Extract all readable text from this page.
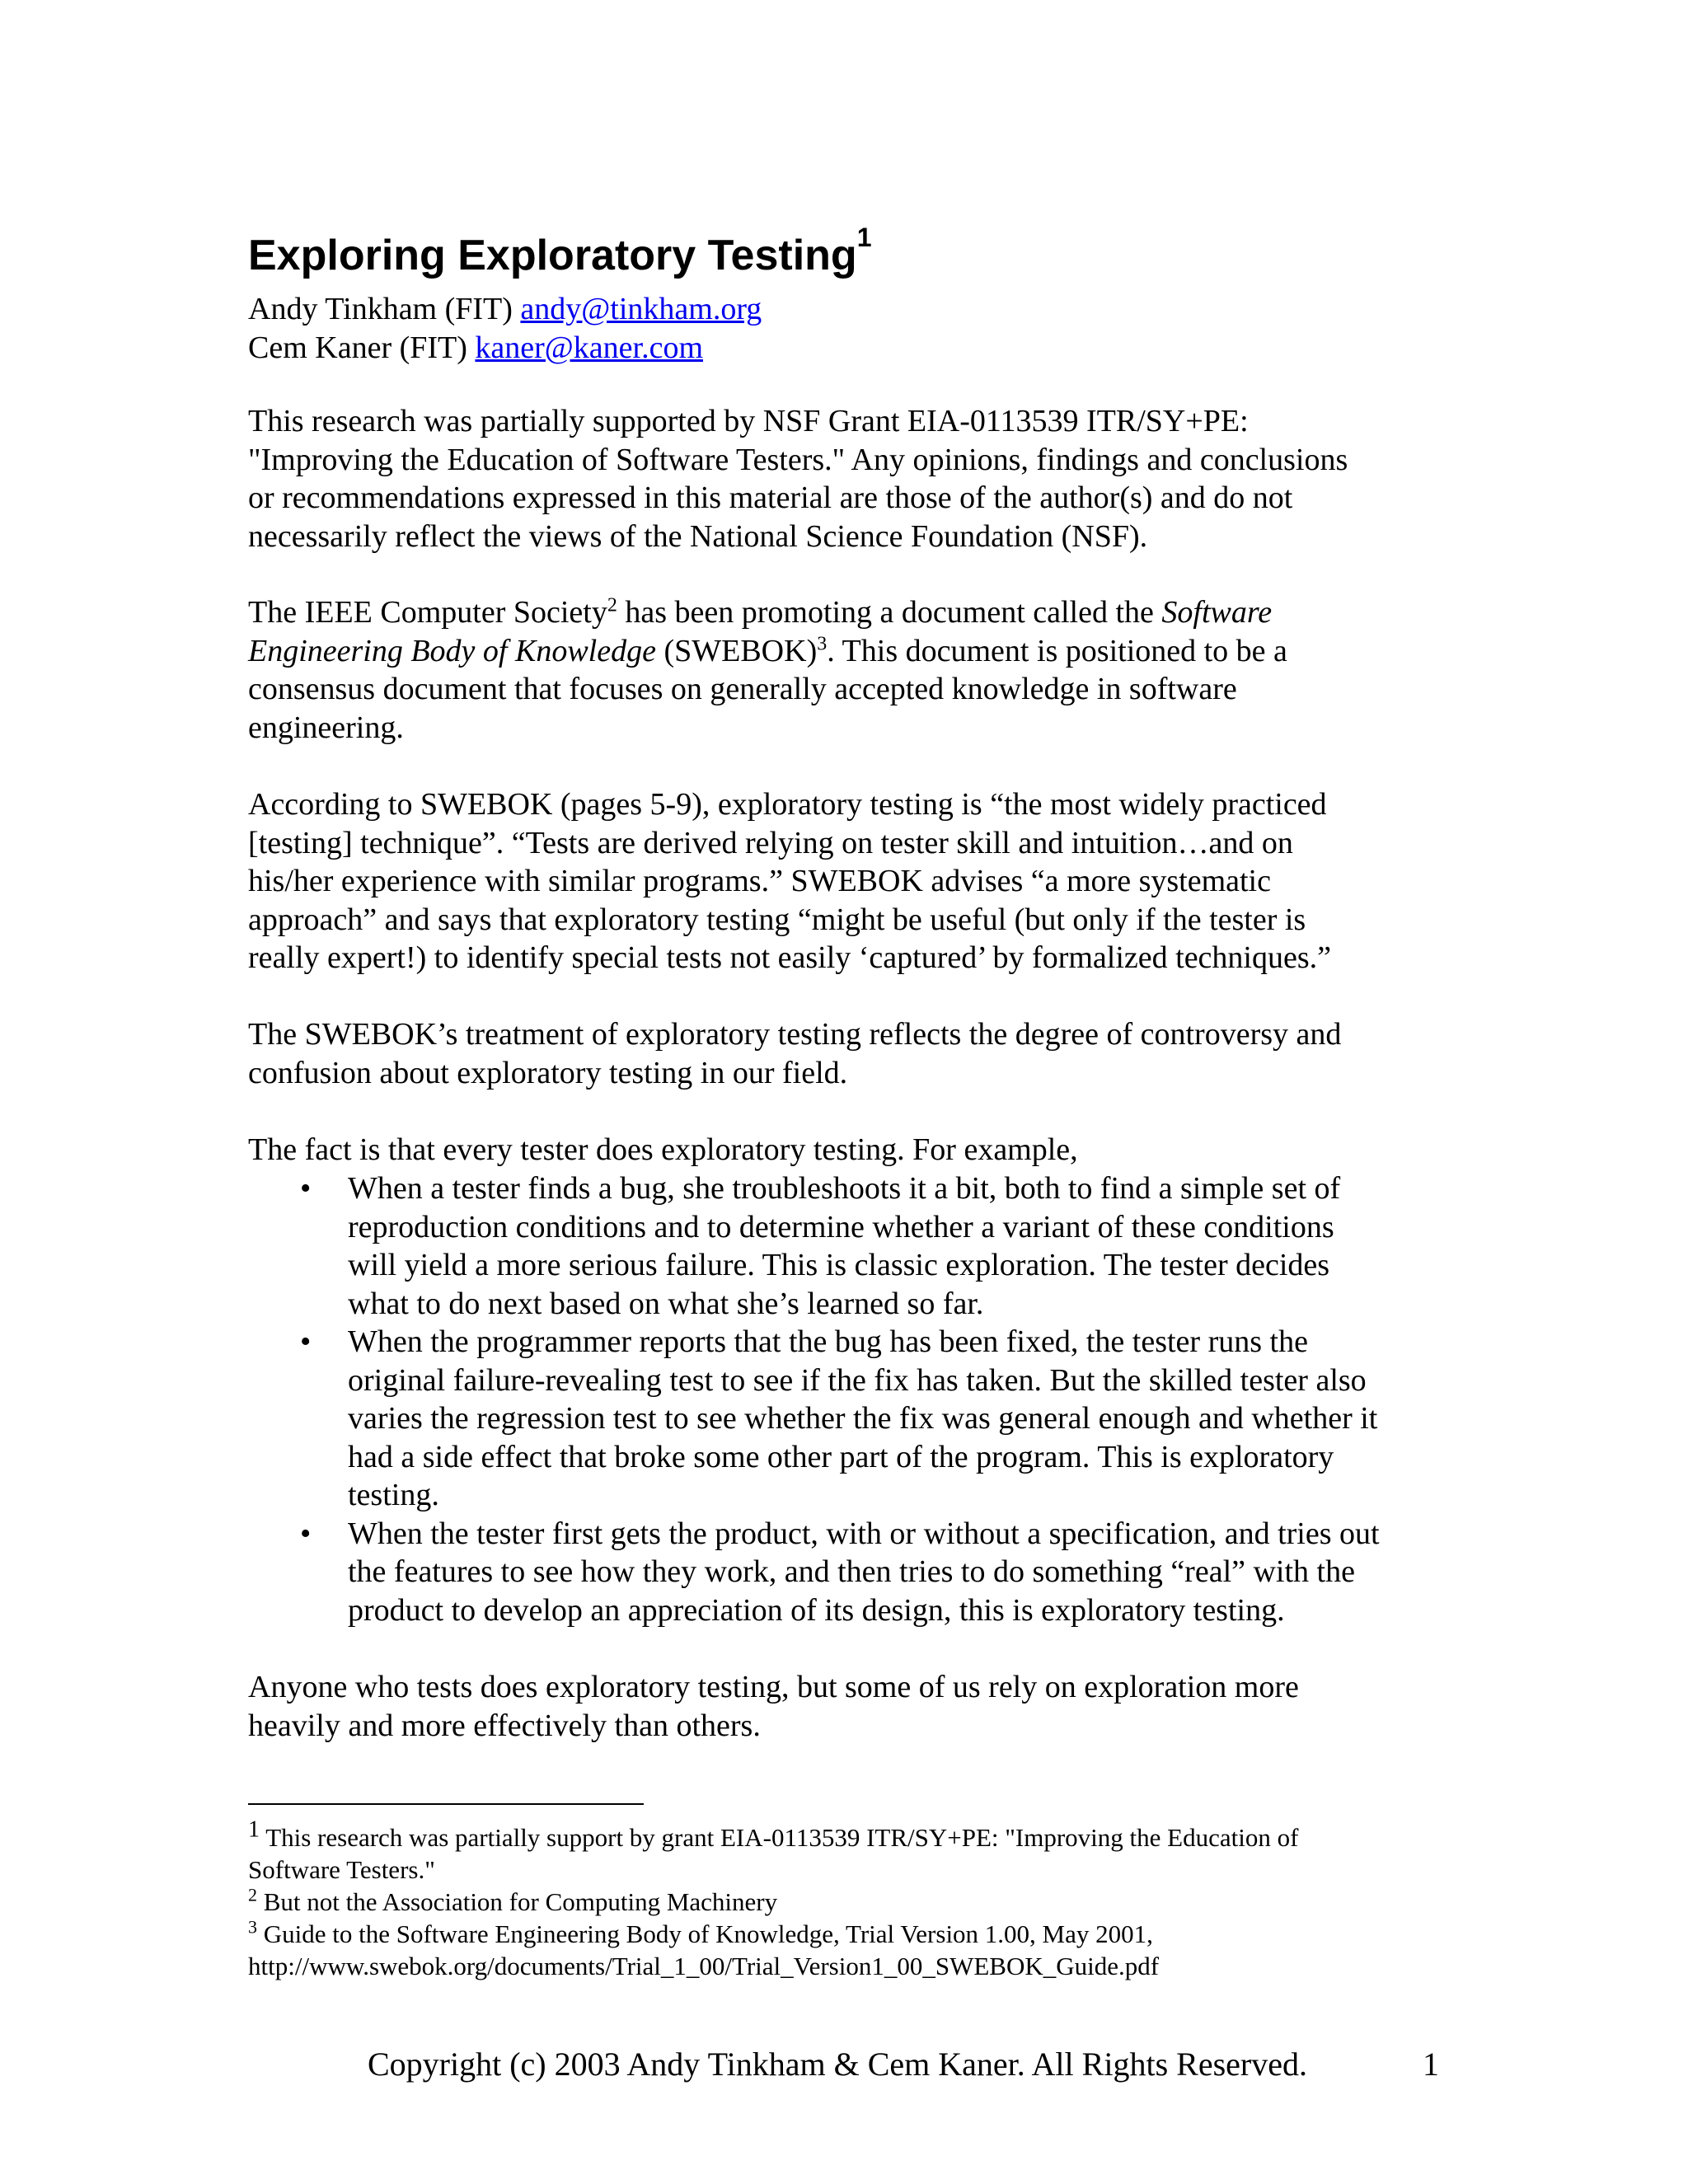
Exploring Exploratory Testing$^1$
Andy Tinkham (FIT) andy@tinkham.org
Cem Kaner (FIT) kaner@kaner.com
This research was partially supported by NSF Grant EIA-0113539 ITR/SY+PE:
"Improving the Education of Software Testers." Any opinions, findings and conclusions
or recommendations expressed in this material are those of the author(s) and do not
necessarily reflect the views of the National Science Foundation (NSF).
The IEEE Computer Society$^2$ has been promoting a document called the Software
Engineering Body of Knowledge (SWEBOK)$^3$. This document is positioned to be a
consensus document that focuses on generally accepted knowledge in software
engineering.
According to SWEBOK (pages 5-9), exploratory testing is “the most widely practiced
[testing] technique”. “Tests are derived relying on tester skill and intuition…and on
his/her experience with similar programs.” SWEBOK advises “a more systematic
approach” and says that exploratory testing “might be useful (but only if the tester is
really expert!) to identify special tests not easily ‘captured’ by formalized techniques.”
The SWEBOK’s treatment of exploratory testing reflects the degree of controversy and
confusion about exploratory testing in our field.
The fact is that every tester does exploratory testing. For example,
• When a tester finds a bug, she troubleshoots it a bit, both to find a simple set of
reproduction conditions and to determine whether a variant of these conditions
will yield a more serious failure. This is classic exploration. The tester decides
what to do next based on what she’s learned so far.
• When the programmer reports that the bug has been fixed, the tester runs the
original failure-revealing test to see if the fix has taken. But the skilled tester also
varies the regression test to see whether the fix was general enough and whether it
had a side effect that broke some other part of the program. This is exploratory
testing.
• When the tester first gets the product, with or without a specification, and tries out
the features to see how they work, and then tries to do something “real” with the
product to develop an appreciation of its design, this is exploratory testing.
Anyone who tests does exploratory testing, but some of us rely on exploration more
heavily and more effectively than others.
$^1$ This research was partially support by grant EIA-0113539 ITR/SY+PE: "Improving the Education of
Software Testers."
$^2$ But not the Association for Computing Machinery
$^3$ Guide to the Software Engineering Body of Knowledge, Trial Version 1.00, May 2001,
http://www.swebok.org/documents/Trial_1_00/Trial_Version1_00_SWEBOK_Guide.pdf
Copyright (c) 2003 Andy Tinkham & Cem Kaner. All Rights Reserved.	1
